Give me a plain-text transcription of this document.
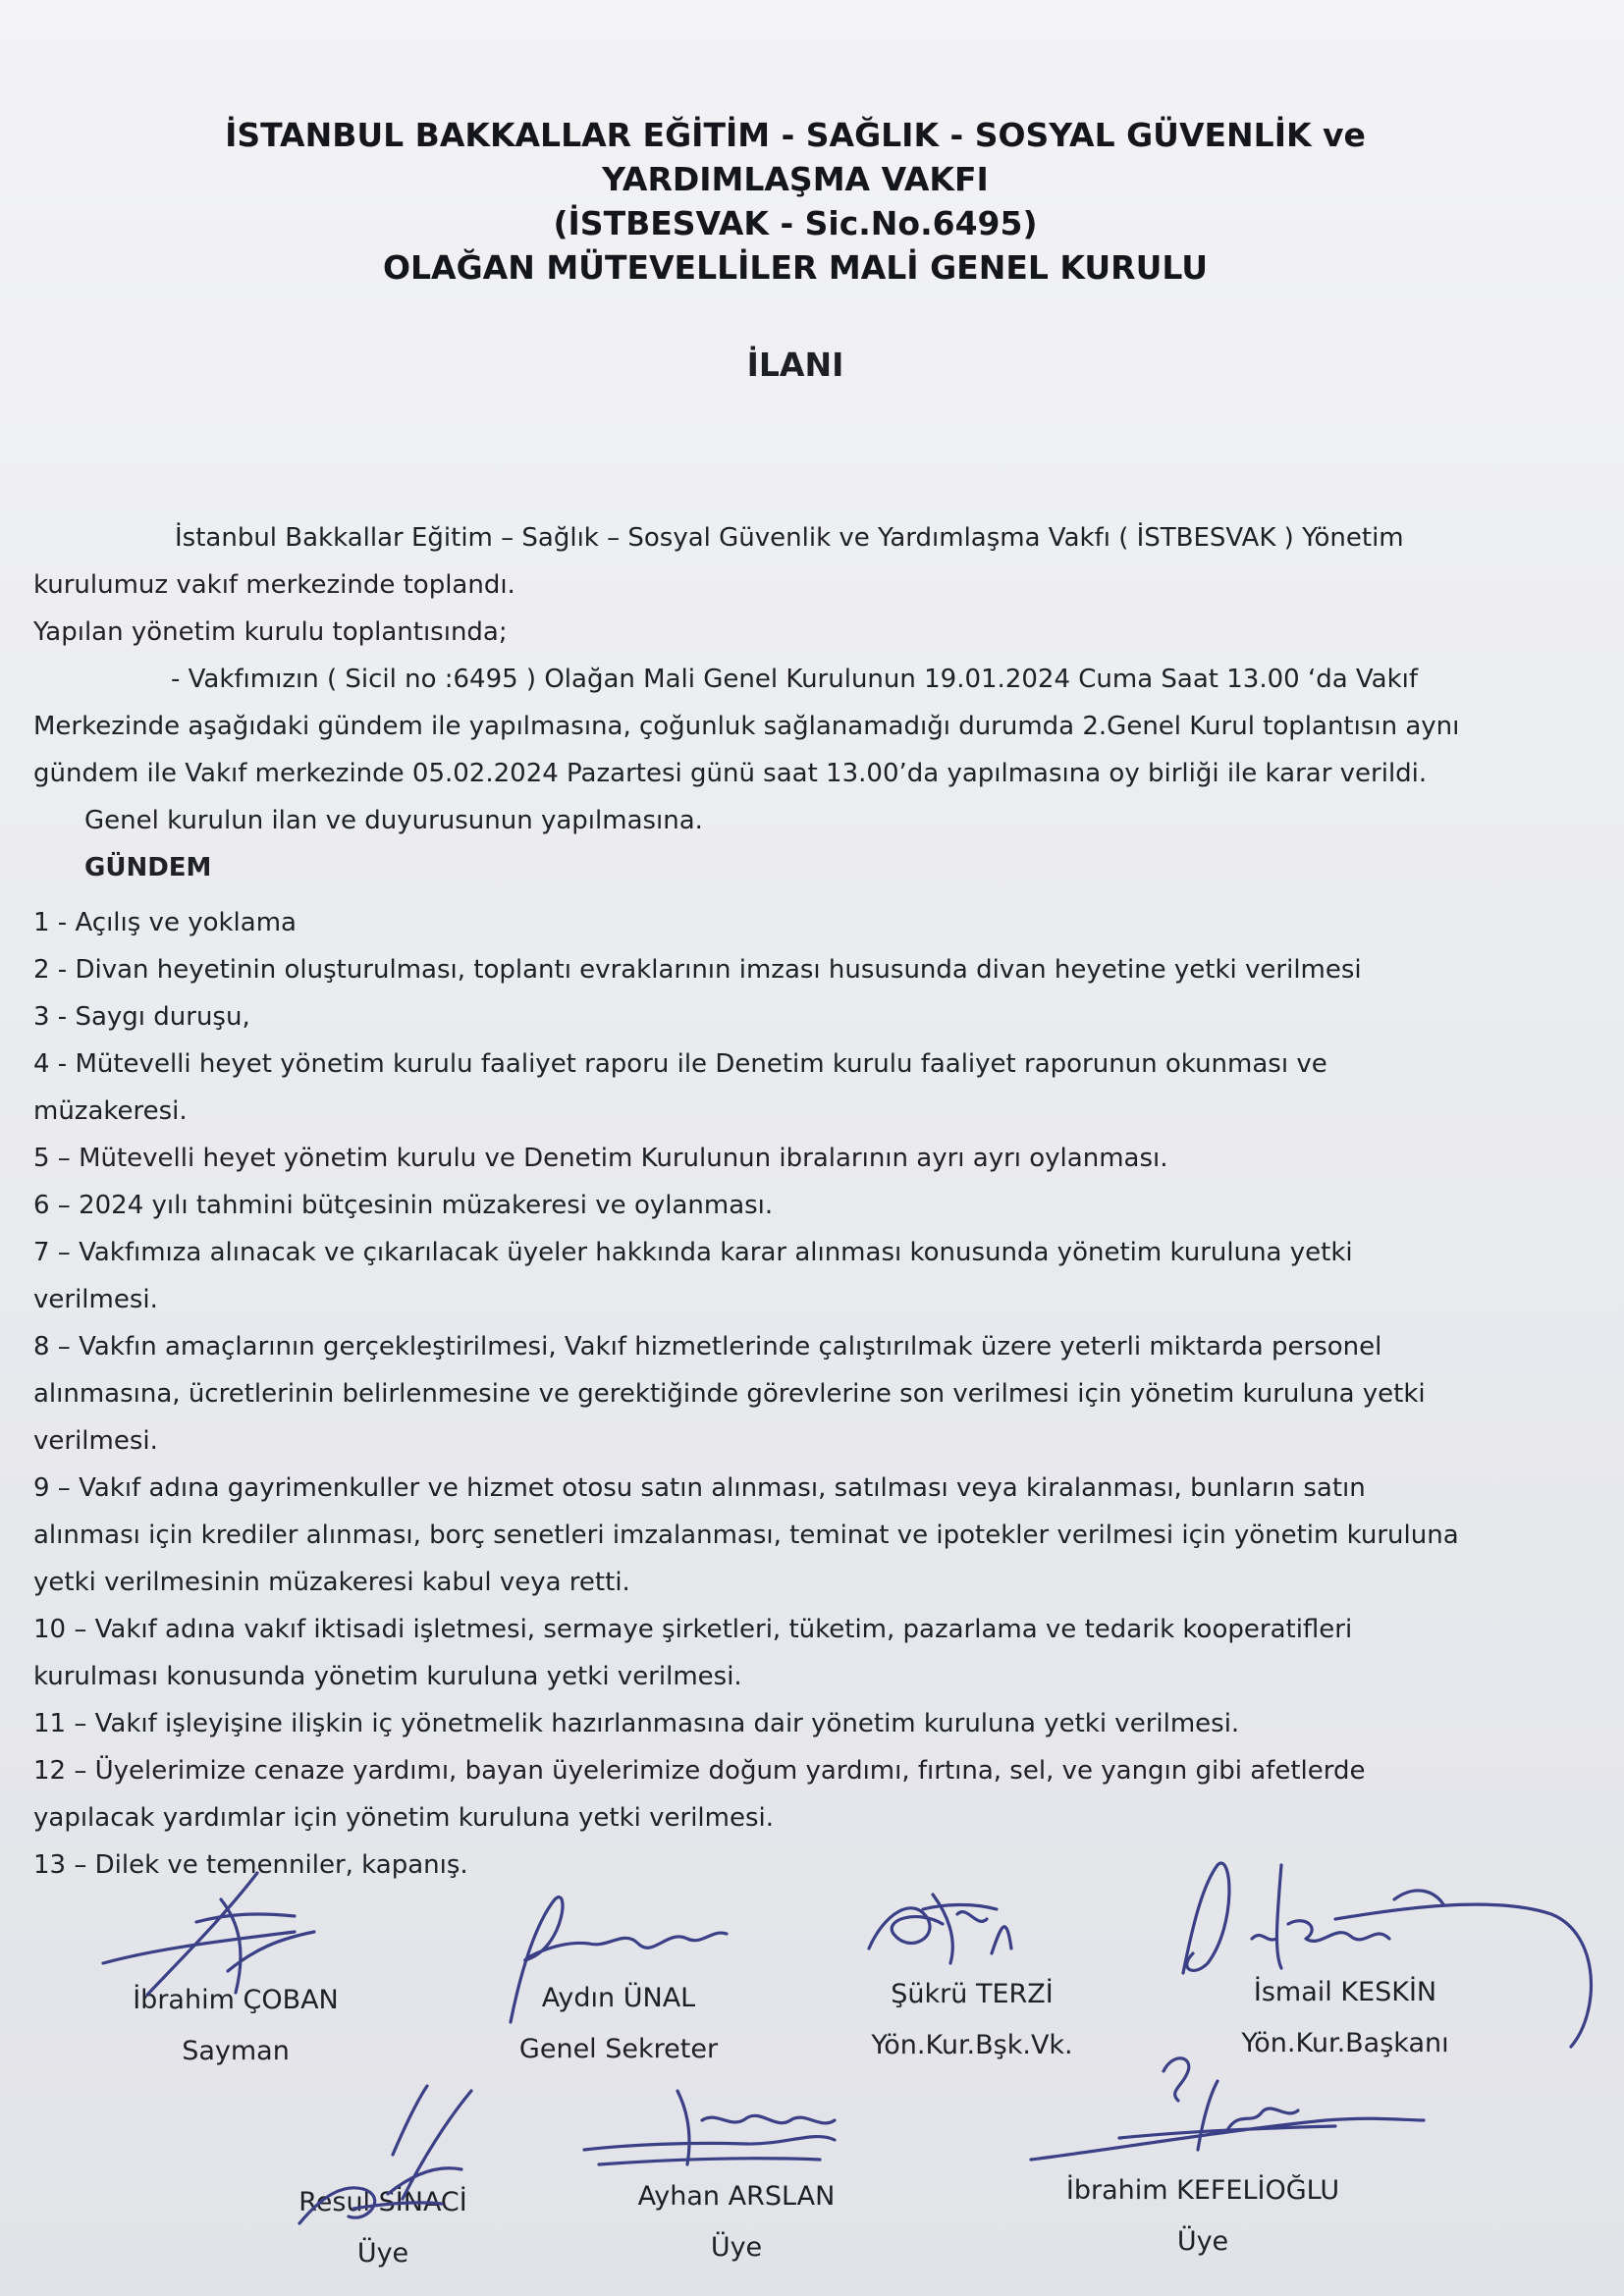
İSTANBUL BAKKALLAR EĞİTİM - SAĞLIK - SOSYAL GÜVENLİK ve
YARDIMLAŞMA VAKFI
(İSTBESVAK - Sic.No.6495)
OLAĞAN MÜTEVELLİLER MALİ GENEL KURULU
İLANI
İstanbul Bakkallar Eğitim – Sağlık – Sosyal Güvenlik ve Yardımlaşma Vakfı ( İSTBESVAK ) Yönetim
kurulumuz vakıf merkezinde toplandı.
Yapılan yönetim kurulu toplantısında;
- Vakfımızın ( Sicil no :6495 ) Olağan Mali Genel Kurulunun 19.01.2024 Cuma Saat 13.00 ‘da Vakıf
Merkezinde aşağıdaki gündem ile yapılmasına, çoğunluk sağlanamadığı durumda 2.Genel Kurul toplantısın aynı
gündem ile Vakıf merkezinde 05.02.2024 Pazartesi günü saat 13.00’da yapılmasına oy birliği ile karar verildi.
Genel kurulun ilan ve duyurusunun yapılmasına.
GÜNDEM
1 - Açılış ve yoklama
2 - Divan heyetinin oluşturulması, toplantı evraklarının imzası hususunda divan heyetine yetki verilmesi
3 - Saygı duruşu,
4 - Mütevelli heyet yönetim kurulu faaliyet raporu ile Denetim kurulu faaliyet raporunun okunması ve
müzakeresi.
5 – Mütevelli heyet yönetim kurulu ve Denetim Kurulunun ibralarının ayrı ayrı oylanması.
6 – 2024 yılı tahmini bütçesinin müzakeresi ve oylanması.
7 – Vakfımıza alınacak ve çıkarılacak üyeler hakkında karar alınması konusunda yönetim kuruluna yetki
verilmesi.
8 – Vakfın amaçlarının gerçekleştirilmesi, Vakıf hizmetlerinde çalıştırılmak üzere yeterli miktarda personel
alınmasına, ücretlerinin belirlenmesine ve gerektiğinde görevlerine son verilmesi için yönetim kuruluna yetki
verilmesi.
9 – Vakıf adına gayrimenkuller ve hizmet otosu satın alınması, satılması veya kiralanması, bunların satın
alınması için krediler alınması, borç senetleri imzalanması, teminat ve ipotekler verilmesi için yönetim kuruluna
yetki verilmesinin müzakeresi kabul veya retti.
10 – Vakıf adına vakıf iktisadi işletmesi, sermaye şirketleri, tüketim, pazarlama ve tedarik kooperatifleri
kurulması konusunda yönetim kuruluna yetki verilmesi.
11 – Vakıf işleyişine ilişkin iç yönetmelik hazırlanmasına dair yönetim kuruluna yetki verilmesi.
12 – Üyelerimize cenaze yardımı, bayan üyelerimize doğum yardımı, fırtına, sel, ve yangın gibi afetlerde
yapılacak yardımlar için yönetim kuruluna yetki verilmesi.
13 – Dilek ve temenniler, kapanış.
İbrahim ÇOBAN
Sayman
Aydın ÜNAL
Genel Sekreter
Şükrü TERZİ
Yön.Kur.Bşk.Vk.
İsmail KESKİN
Yön.Kur.Başkanı
Resul SİNACİ
Üye
Ayhan ARSLAN
Üye
İbrahim KEFELİOĞLU
Üye
